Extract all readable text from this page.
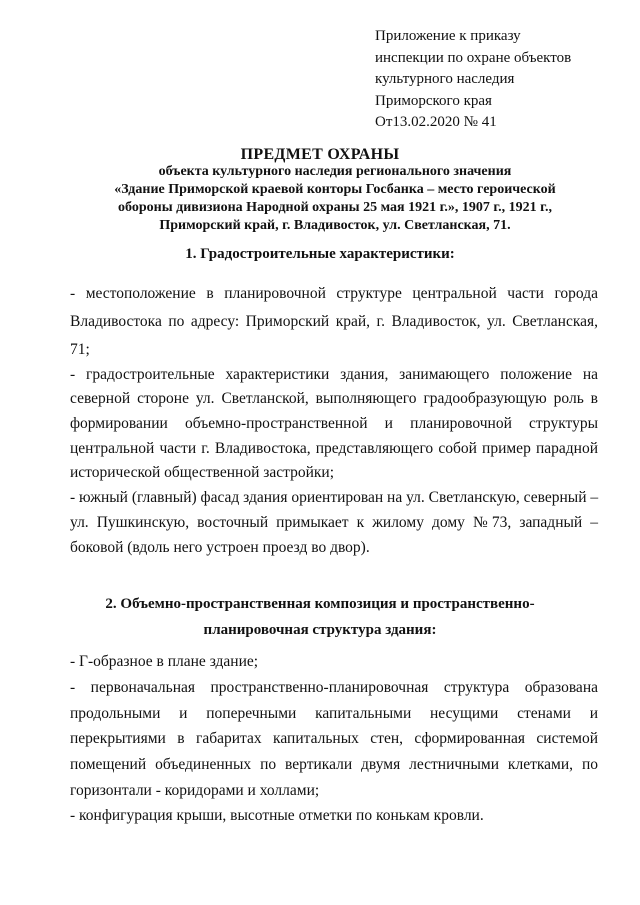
Приложение к приказу
инспекции по охране объектов
культурного наследия
Приморского края
От13.02.2020 № 41
ПРЕДМЕТ ОХРАНЫ
объекта культурного наследия регионального значения
«Здание Приморской краевой конторы Госбанка – место героической
обороны дивизиона Народной охраны 25 мая 1921 г.», 1907 г., 1921 г.,
Приморский край, г. Владивосток, ул. Светланская, 71.
1. Градостроительные характеристики:
- местоположение в планировочной структуре центральной части города
Владивостока по адресу: Приморский край, г. Владивосток, ул. Светланская,
71;
- градостроительные характеристики здания, занимающего положение на
северной стороне ул. Светланской, выполняющего градообразующую роль в
формировании объемно-пространственной и планировочной структуры
центральной части г. Владивостока, представляющего собой пример парадной
исторической общественной застройки;
- южный (главный) фасад здания ориентирован на ул. Светланскую, северный –
ул. Пушкинскую, восточный примыкает к жилому дому №73, западный –
боковой (вдоль него устроен проезд во двор).
2. Объемно-пространственная композиция и пространственно-
планировочная структура здания:
- Г-образное в плане здание;
- первоначальная пространственно-планировочная структура образована
продольными и поперечными капитальными несущими стенами и
перекрытиями в габаритах капитальных стен, сформированная системой
помещений объединенных по вертикали двумя лестничными клетками, по
горизонтали - коридорами и холлами;
- конфигурация крыши, высотные отметки по конькам кровли.
